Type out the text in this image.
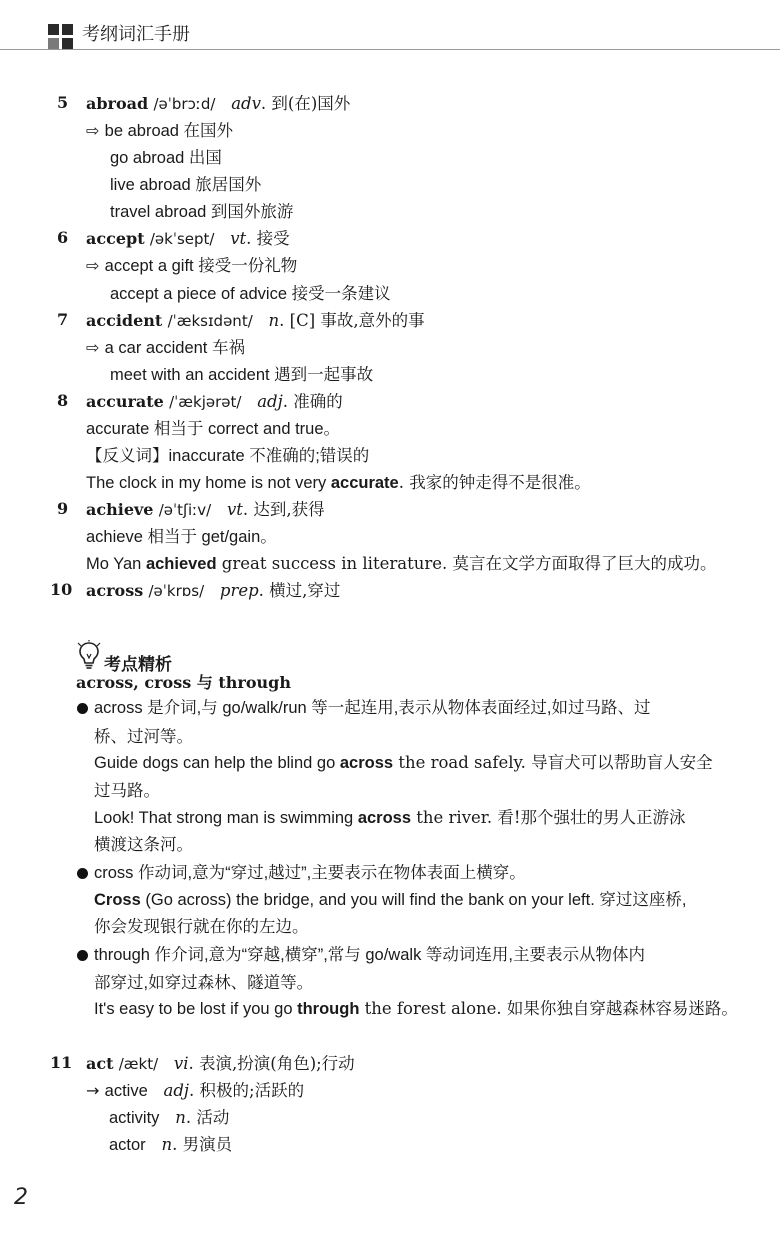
考纲词汇手册
5 abroad /əˈbrɔːd/ adv. 到(在)国外
⇨ be abroad 在国外
go abroad 出国
live abroad 旅居国外
travel abroad 到国外旅游
6 accept /əkˈsept/ vt. 接受
⇨ accept a gift 接受一份礼物
accept a piece of advice 接受一条建议
7 accident /ˈæksɪdənt/ n. [C] 事故,意外的事
⇨ a car accident 车祸
meet with an accident 遇到一起事故
8 accurate /ˈækjərət/ adj. 准确的
accurate 相当于 correct and true。
【反义词】inaccurate 不准确的;错误的
The clock in my home is not very accurate. 我家的钟走得不是很准。
9 achieve /əˈtʃiːv/ vt. 达到,获得
achieve 相当于 get/gain。
Mo Yan achieved great success in literature. 莫言在文学方面取得了巨大的成功。
10 across /əˈkrɒs/ prep. 横过,穿过
考点精析
across, cross 与 through
across 是介词,与 go/walk/run 等一起连用,表示从物体表面经过,如过马路、过
桥、过河等。
Guide dogs can help the blind go across the road safely. 导盲犬可以帮助盲人安全
过马路。
Look! That strong man is swimming across the river. 看!那个强壮的男人正游泳
横渡这条河。
cross 作动词,意为“穿过,越过”,主要表示在物体表面上横穿。
Cross (Go across) the bridge, and you will find the bank on your left. 穿过这座桥,
你会发现银行就在你的左边。
through 作介词,意为“穿越,横穿”,常与 go/walk 等动词连用,主要表示从物体内
部穿过,如穿过森林、隧道等。
It's easy to be lost if you go through the forest alone. 如果你独自穿越森林容易迷路。
11 act /ækt/ vi. 表演,扮演(角色);行动
→ active adj. 积极的;活跃的
activity n. 活动
actor n. 男演员
2
